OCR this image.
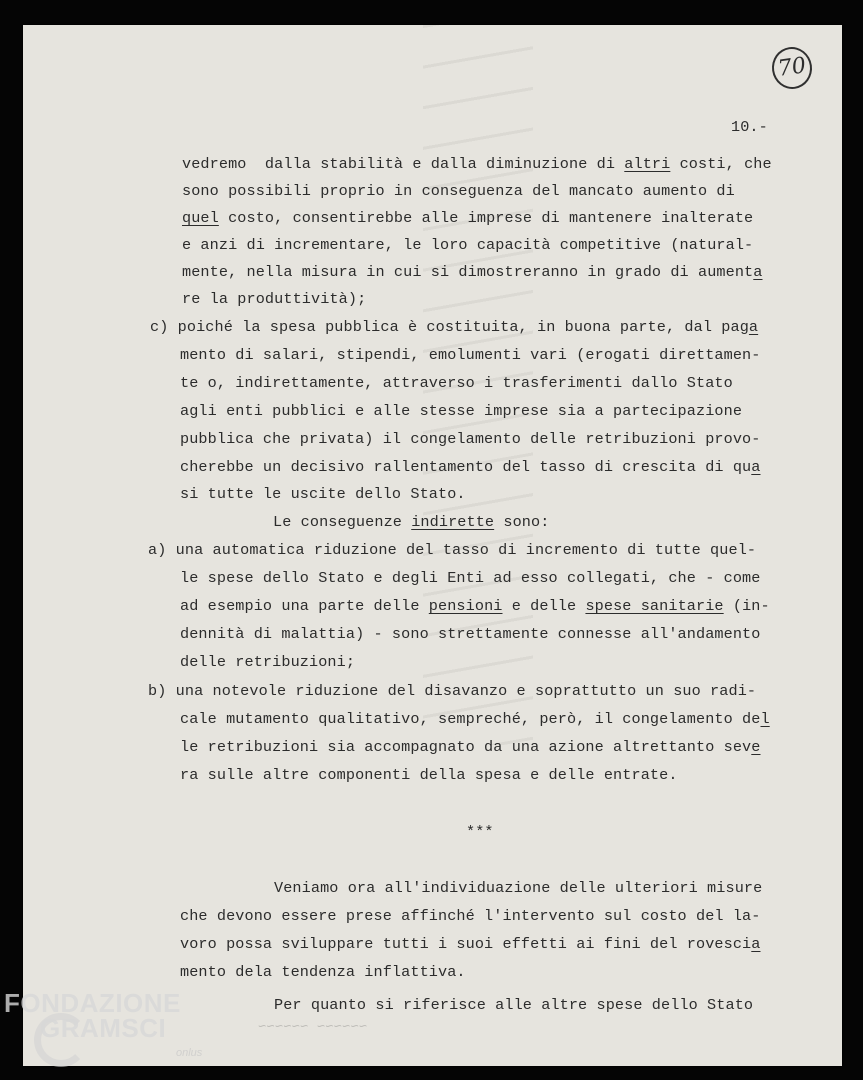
70
10.-
vedremo  dalla stabilità e dalla diminuzione di altri costi, che
sono possibili proprio in conseguenza del mancato aumento di
quel costo, consentirebbe alle imprese di mantenere inalterate
e anzi di incrementare, le loro capacità competitive (natural-
mente, nella misura in cui si dimostreranno in grado di aumenta
re la produttività);
c) poiché la spesa pubblica è costituita, in buona parte, dal paga
mento di salari, stipendi, emolumenti vari (erogati direttamen-
te o, indirettamente, attraverso i trasferimenti dallo Stato
agli enti pubblici e alle stesse imprese sia a partecipazione
pubblica che privata) il congelamento delle retribuzioni provo-
cherebbe un decisivo rallentamento del tasso di crescita di qua
si tutte le uscite dello Stato.
Le conseguenze indirette sono:
a) una automatica riduzione del tasso di incremento di tutte quel-
le spese dello Stato e degli Enti ad esso collegati, che - come
ad esempio una parte delle pensioni e delle spese sanitarie (in-
dennità di malattia) - sono strettamente connesse all'andamento
delle retribuzioni;
b) una notevole riduzione del disavanzo e soprattutto un suo radi-
cale mutamento qualitativo, sempreché, però, il congelamento del
le retribuzioni sia accompagnato da una azione altrettanto seve
ra sulle altre componenti della spesa e delle entrate.
***
Veniamo ora all'individuazione delle ulteriori misure
che devono essere prese affinché l'intervento sul costo del la-
voro possa sviluppare tutti i suoi effetti ai fini del rovescia
mento dela tendenza inflattiva.
Per quanto si riferisce alle altre spese dello Stato
~~~~~~ ~~~~~~
FONDAZIONE
GRAMSCI
onlus
